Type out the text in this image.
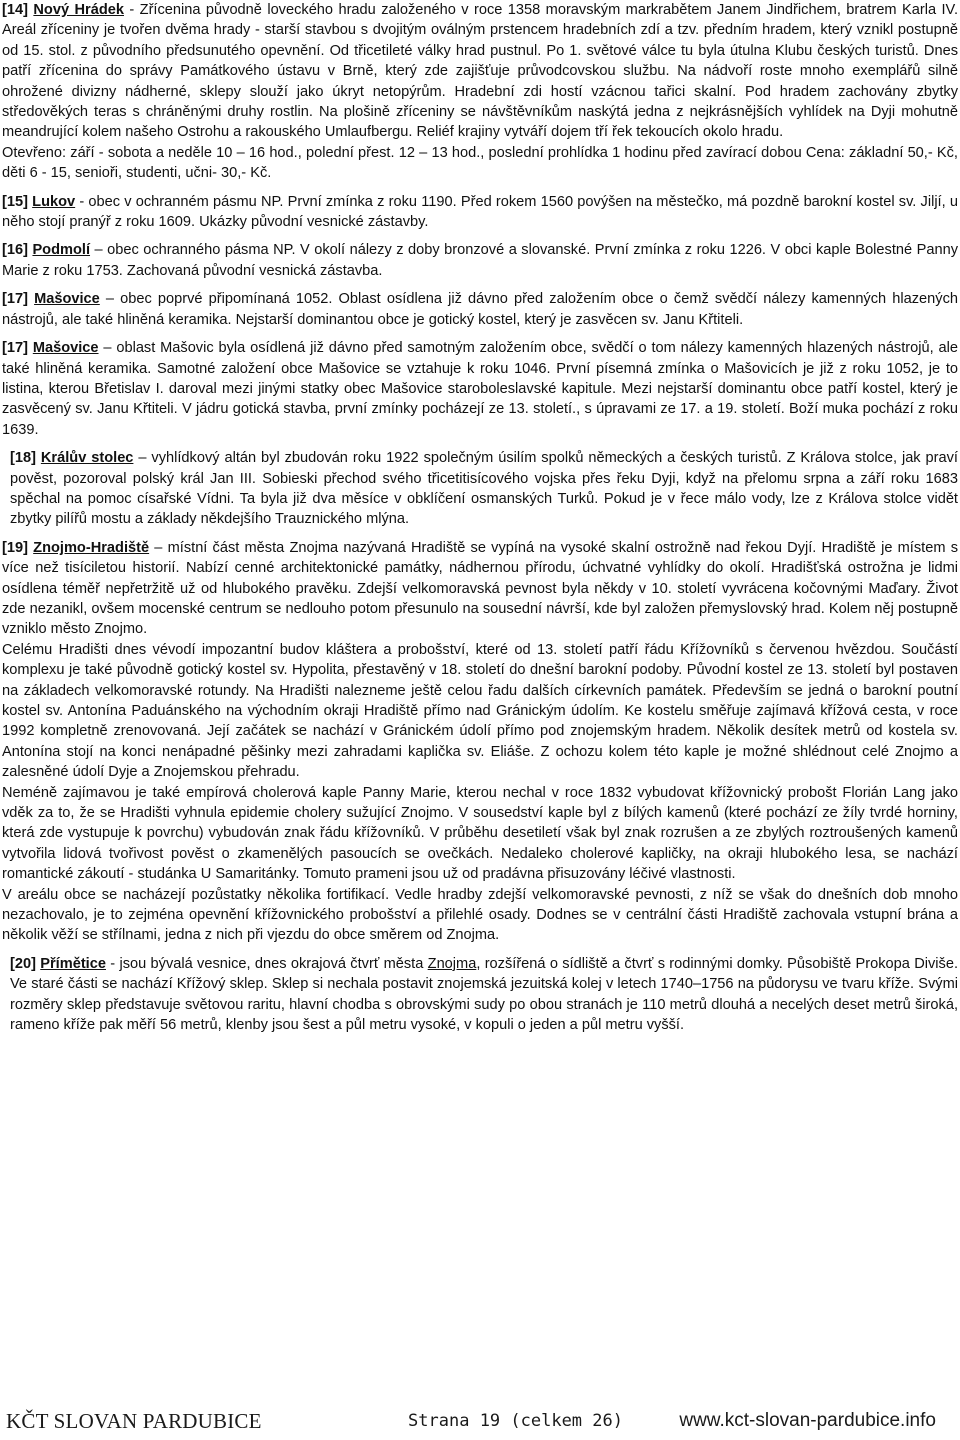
[14] Nový Hrádek - Zřícenina původně loveckého hradu založeného v roce 1358 moravským markrabětem Janem Jindřichem, bratrem Karla IV. Areál zříceniny je tvořen dvěma hrady - starší stavbou s dvojitým oválným prstencem hradebních zdí a tzv. předním hradem, který vznikl postupně od 15. stol. z původního předsunutého opevnění. Od třicetileté války hrad pustnul. Po 1. světové válce tu byla útulna Klubu českých turistů. Dnes patří zřícenina do správy Památkového ústavu v Brně, který zde zajišťuje průvodcovskou službu. Na nádvoří roste mnoho exemplářů silně ohrožené divizny nádherné, sklepy slouží jako úkryt netopýrům. Hradební zdi hostí vzácnou tařici skalní. Pod hradem zachovány zbytky středověkých teras s chráněnými druhy rostlin. Na plošině zříceniny se návštěvníkům naskýtá jedna z nejkrásnějších vyhlídek na Dyji mohutně meandrující kolem našeho Ostrohu a rakouského Umlaufbergu. Reliéf krajiny vytváří dojem tří řek tekoucích okolo hradu.

Otevřeno: září - sobota a neděle 10 – 16 hod., polední přest. 12 – 13 hod., poslední prohlídka 1 hodinu před zavírací dobou Cena: základní 50,- Kč, děti 6 - 15, senioři, studenti, učni- 30,- Kč.

[15] Lukov - obec v ochranném pásmu NP. První zmínka z roku 1190. Před rokem 1560 povýšen na městečko, má pozdně barokní kostel sv. Jiljí, u něho stojí pranýř z roku 1609. Ukázky původní vesnické zástavby.

[16] Podmolí – obec ochranného pásma NP. V okolí nálezy z doby bronzové a slovanské. První zmínka z roku 1226. V obci kaple Bolestné Panny Marie z roku 1753. Zachovaná původní vesnická zástavba.

[17] Mašovice – obec poprvé připomínaná 1052. Oblast osídlena již dávno před založením obce o čemž svědčí nálezy kamenných hlazených nástrojů, ale také hliněná keramika. Nejstarší dominantou obce je gotický kostel, který je zasvěcen sv. Janu Křtiteli.

[17] Mašovice – oblast Mašovic byla osídlená již dávno před samotným založením obce, svědčí o tom nálezy kamenných hlazených nástrojů, ale také hliněná keramika. Samotné založení obce Mašovice se vztahuje k roku 1046. První písemná zmínka o Mašovicích je již z roku 1052, je to listina, kterou Břetislav I. daroval mezi jinými statky obec Mašovice staroboleslavské kapitule. Mezi nejstarší dominantu obce patří kostel, který je zasvěcený sv. Janu Křtiteli. V jádru gotická stavba, první zmínky pocházejí ze 13. století., s úpravami ze 17. a 19. století. Boží muka pochází z roku 1639.

[18] Králův stolec – vyhlídkový altán byl zbudován roku 1922 společným úsilím spolků německých a českých turistů. Z Králova stolce, jak praví pověst, pozoroval polský král Jan III. Sobieski přechod svého třicetitisícového vojska přes řeku Dyji, když na přelomu srpna a září roku 1683 spěchal na pomoc císařské Vídni. Ta byla již dva měsíce v obklíčení osmanských Turků. Pokud je v řece málo vody, lze z Králova stolce vidět zbytky pilířů mostu a základy někdejšího Trauznického mlýna.

[19] Znojmo-Hradiště – místní část města Znojma nazývaná Hradiště se vypíná na vysoké skalní ostrožně nad řekou Dyjí. Hradiště je místem s více než tisíciletou historií. Nabízí cenné architektonické památky, nádhernou přírodu, úchvatné vyhlídky do okolí. Hradišťská ostrožna je lidmi osídlena téměř nepřetržitě už od hlubokého pravěku. Zdejší velkomoravská pevnost byla někdy v 10. století vyvrácena kočovnými Maďary. Život zde nezanikl, ovšem mocenské centrum se nedlouho potom přesunulo na sousední návrší, kde byl založen přemyslovský hrad. Kolem něj postupně vzniklo město Znojmo.

Celému Hradišti dnes vévodí impozantní budov kláštera a probošství, které od 13. století patří řádu Křížovníků s červenou hvězdou. Součástí komplexu je také původně gotický kostel sv. Hypolita, přestavěný v 18. století do dnešní barokní podoby. Původní kostel ze 13. století byl postaven na základech velkomoravské rotundy. Na Hradišti nalezneme ještě celou řadu dalších církevních památek. Především se jedná o barokní poutní kostel sv. Antonína Paduánského na východním okraji Hradiště přímo nad Gránickým údolím. Ke kostelu směřuje zajímavá křížová cesta, v roce 1992 kompletně zrenovovaná. Její začátek se nachází v Gránickém údolí přímo pod znojemským hradem. Několik desítek metrů od kostela sv. Antonína stojí na konci nenápadné pěšinky mezi zahradami kaplička sv. Eliáše. Z ochozu kolem této kaple je možné shlédnout celé Znojmo a zalesněné údolí Dyje a Znojemskou přehradu.

Neméně zajímavou je také empírová cholerová kaple Panny Marie, kterou nechal v roce 1832 vybudovat křížovnický probošt Florián Lang jako vděk za to, že se Hradišti vyhnula epidemie cholery sužující Znojmo. V sousedství kaple byl z bílých kamenů (které pochází ze žíly tvrdé horniny, která zde vystupuje k povrchu) vybudován znak řádu křížovníků. V průběhu desetiletí však byl znak rozrušen a ze zbylých roztroušených kamenů vytvořila lidová tvořivost pověst o zkamenělých pasoucích se ovečkách. Nedaleko cholerové kapličky, na okraji hlubokého lesa, se nachází romantické zákoutí - studánka U Samaritánky. Tomuto prameni jsou už od pradávna přisuzovány léčivé vlastnosti.

V areálu obce se nacházejí pozůstatky několika fortifikací. Vedle hradby zdejší velkomoravské pevnosti, z níž se však do dnešních dob mnoho nezachovalo, je to zejména opevnění křížovnického probošství a přilehlé osady. Dodnes se v centrální části Hradiště zachovala vstupní brána a několik věží se střílnami, jedna z nich při vjezdu do obce směrem od Znojma.

[20] Přímětice - jsou bývalá vesnice, dnes okrajová čtvrť města Znojma, rozšířená o sídliště a čtvrť s rodinnými domky. Působiště Prokopa Diviše. Ve staré části se nachází Křížový sklep. Sklep si nechala postavit znojemská jezuitská kolej v letech 1740–1756 na půdorysu ve tvaru kříže. Svými rozměry sklep představuje světovou raritu, hlavní chodba s obrovskými sudy po obou stranách je 110 metrů dlouhá a necelých deset metrů široká, rameno kříže pak měří 56 metrů, klenby jsou šest a půl metru vysoké, v kopuli o jeden a půl metru vyšší.

KČT SLOVAN PARDUBICE	Strana 19 (celkem 26)	www.kct-slovan-pardubice.info
